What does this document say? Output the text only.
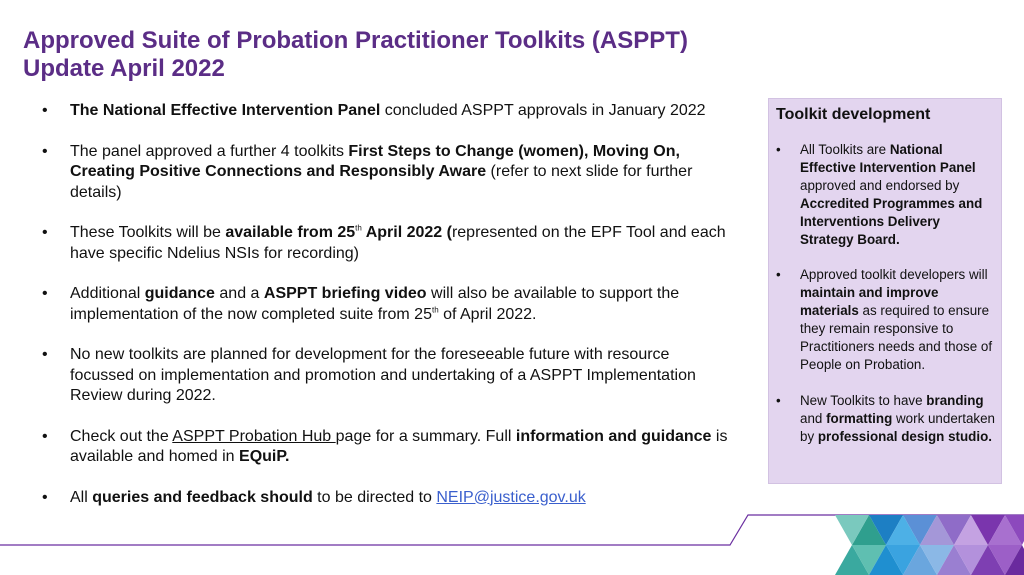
Approved Suite of Probation Practitioner Toolkits (ASPPT)
Update April 2022
• The National Effective Intervention Panel concluded ASPPT approvals in January 2022
• The panel approved a further 4 toolkits First Steps to Change (women), Moving On, Creating Positive Connections and Responsibly Aware (refer to next slide for further details)
• These Toolkits will be available from 25th April 2022 (represented on the EPF Tool and each have specific Ndelius NSIs for recording)
• Additional guidance and a ASPPT briefing video will also be available to support the implementation of the now completed suite from 25th of April 2022.
• No new toolkits are planned for development for the foreseeable future with resource focussed on implementation and promotion and undertaking of a ASPPT Implementation Review during 2022.
• Check out the ASPPT Probation Hub page for a summary. Full information and guidance is available and homed in EQuiP.
• All queries and feedback should to be directed to NEIP@justice.gov.uk
Toolkit development
• All Toolkits are National Effective Intervention Panel approved and endorsed by Accredited Programmes and Interventions Delivery Strategy Board.
• Approved toolkit developers will maintain and improve materials as required to ensure they remain responsive to Practitioners needs and those of People on Probation.
• New Toolkits to have branding and formatting work undertaken by professional design studio.
